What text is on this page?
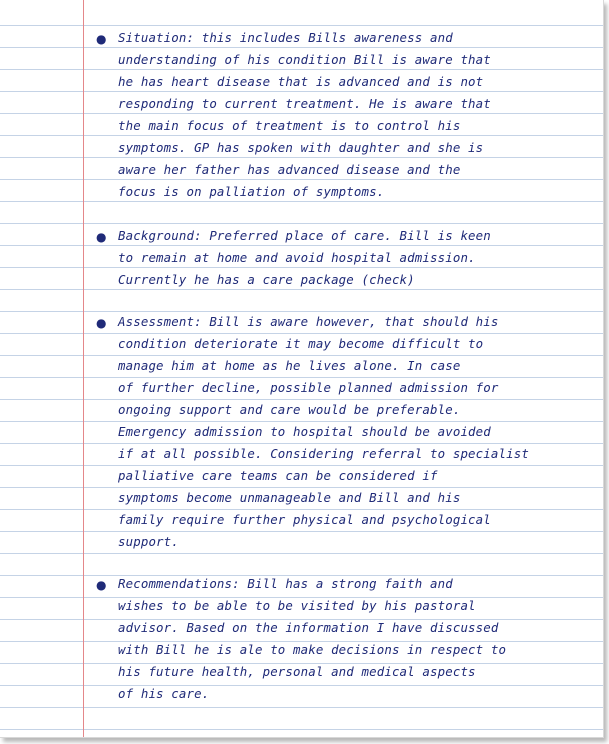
● Situation: this includes Bills awareness and
understanding of his condition Bill is aware that
he has heart disease that is advanced and is not
responding to current treatment. He is aware that
the main focus of treatment is to control his
symptoms. GP has spoken with daughter and she is
aware her father has advanced disease and the
focus is on palliation of symptoms.
● Background: Preferred place of care. Bill is keen
to remain at home and avoid hospital admission.
Currently he has a care package (check)
● Assessment: Bill is aware however, that should his
condition deteriorate it may become difficult to
manage him at home as he lives alone. In case
of further decline, possible planned admission for
ongoing support and care would be preferable.
Emergency admission to hospital should be avoided
if at all possible. Considering referral to specialist
palliative care teams can be considered if
symptoms become unmanageable and Bill and his
family require further physical and psychological
support.
● Recommendations: Bill has a strong faith and
wishes to be able to be visited by his pastoral
advisor. Based on the information I have discussed
with Bill he is ale to make decisions in respect to
his future health, personal and medical aspects
of his care.
